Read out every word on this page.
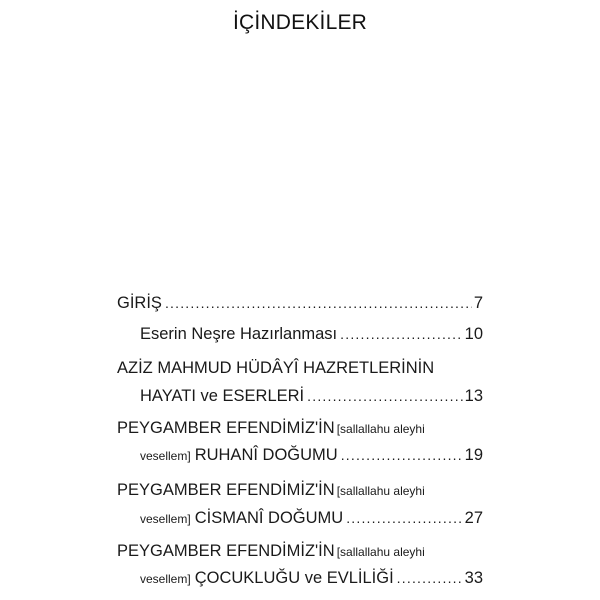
İÇİNDEKİLER
GİRİŞ .....	7
Eserin Neşre Hazırlanması .....	10
AZİZ MAHMUD HÜDÂYÎ HAZRETLERİNİN
HAYATI ve ESERLERİ .....	13
PEYGAMBER EFENDİMİZ'İN [sallallahu aleyhi
vesellem] RUHANÎ DOĞUMU .....	19
PEYGAMBER EFENDİMİZ'İN [sallallahu aleyhi
vesellem] CİSMANÎ DOĞUMU .....	27
PEYGAMBER EFENDİMİZ'İN [sallallahu aleyhi
vesellem] ÇOCUKLUĞU ve EVLİLİĞİ .....	33
